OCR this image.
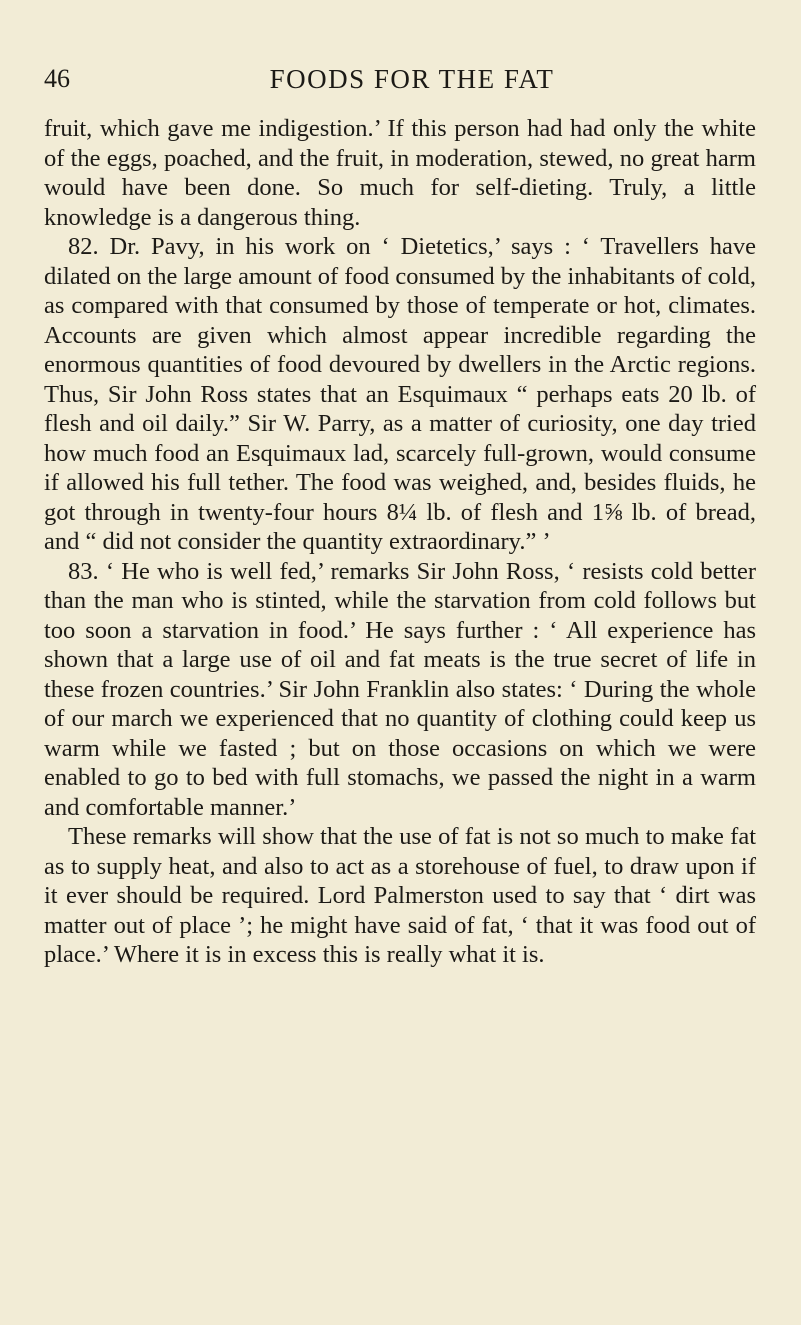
46	FOODS FOR THE FAT

fruit, which gave me indigestion.’ If this person had had only the white of the eggs, poached, and the fruit, in moderation, stewed, no great harm would have been done. So much for self-dieting. Truly, a little knowledge is a dangerous thing.

82. Dr. Pavy, in his work on ‘ Dietetics,’ says : ‘ Travellers have dilated on the large amount of food consumed by the inhabitants of cold, as compared with that consumed by those of temperate or hot, climates. Accounts are given which almost appear incredible regarding the enormous quantities of food devoured by dwellers in the Arctic regions. Thus, Sir John Ross states that an Esquimaux “ perhaps eats 20 lb. of flesh and oil daily.” Sir W. Parry, as a matter of curiosity, one day tried how much food an Esquimaux lad, scarcely full-grown, would consume if allowed his full tether. The food was weighed, and, besides fluids, he got through in twenty-four hours 8¼ lb. of flesh and 1⅝ lb. of bread, and “ did not consider the quantity extraordinary.” ’

83. ‘ He who is well fed,’ remarks Sir John Ross, ‘ resists cold better than the man who is stinted, while the starvation from cold follows but too soon a starvation in food.’ He says further : ‘ All experience has shown that a large use of oil and fat meats is the true secret of life in these frozen countries.’ Sir John Franklin also states: ‘ During the whole of our march we experienced that no quantity of clothing could keep us warm while we fasted ; but on those occasions on which we were enabled to go to bed with full stomachs, we passed the night in a warm and comfortable manner.’

These remarks will show that the use of fat is not so much to make fat as to supply heat, and also to act as a storehouse of fuel, to draw upon if it ever should be required. Lord Palmerston used to say that ‘ dirt was matter out of place ’; he might have said of fat, ‘ that it was food out of place.’ Where it is in excess this is really what it is.
